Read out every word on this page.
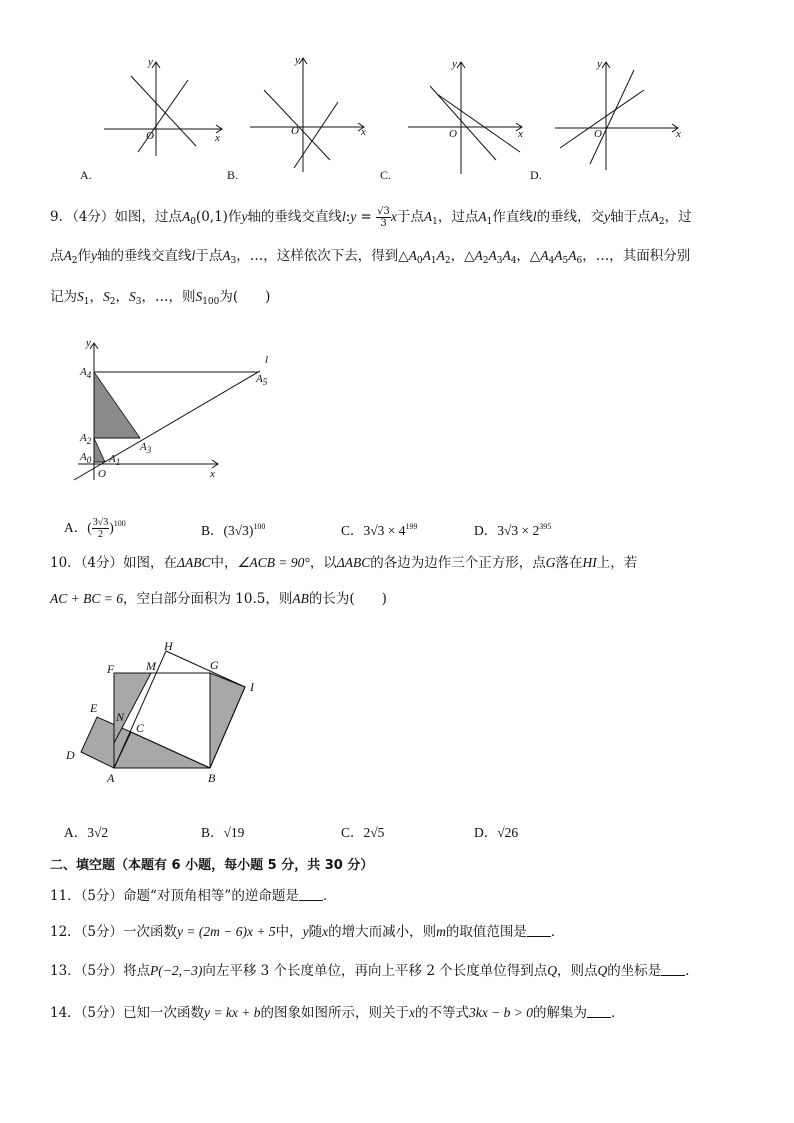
y
x
O
y
x
O
y
x
O
y
x
O
A.	B.	C.	D.
9．（4分）如图，过点$A_0(0,1)$作y轴的垂线交直线l:y = $\frac{√3}{3}$ x于点$A_1$，过点$A_1$作直线l的垂线，交y轴于点$A_2$，过
点$A_2$作y轴的垂线交直线l于点$A_3$，…，这样依次下去，得到$\triangle A_0A_1A_2$，$\triangle A_2A_3A_4$，$\triangle A_4A_5A_6$，…，其面积分别
记为$S_1$，$S_2$，$S_3$，…，则$S_{100}$为(　　)
y
x
O
l
$A_4$	$A_5$
$A_2$	$A_3$
$A_0$ $A_1$
A．( $\frac{3√3}{2} )^{100}$	B．$(3√3)^{100}$	C．$3√3 \times 4^{199}$	D．$3√3 \times 2^{395}$
10．（4分）如图，在ΔABC中，∠ACB = 90°，以ΔABC的各边为边作三个正方形，点G落在HI上，若
AC + BC = 6，空白部分面积为 10.5，则AB的长为(　　)
H
M	G
F
I
E
N
C
D
A	B
A．3√2	B．√19	C．2√5	D．√26
二、填空题（本题有 6 小题，每小题 5 分，共 30 分）
11．（5分）命题“对顶角相等”的逆命题是 ．
12．（5分）一次函数y = (2m − 6)x + 5中，y随x的增大而减小，则m的取值范围是 ．
13．（5分）将点P(−2,−3)向左平移 3 个长度单位，再向上平移 2 个长度单位得到点Q，则点Q的坐标是 ．
14．（5分）已知一次函数y = kx + b的图象如图所示，则关于x的不等式3kx − b > 0的解集为 ．
